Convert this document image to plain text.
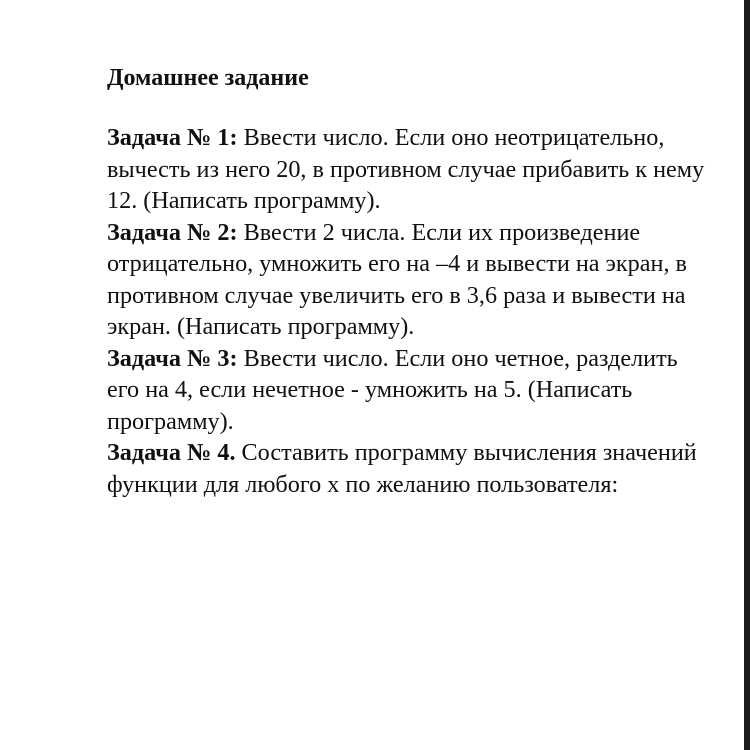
Домашнее задание

Задача № 1: Ввести число. Если оно неотрицательно, вычесть из него 20, в противном случае прибавить к нему 12. (Написать программу).

Задача № 2: Ввести 2 числа. Если их произведение отрицательно, умножить его на –4 и вывести на экран, в противном случае увеличить его в 3,6 раза и вывести на экран. (Написать программу).

Задача № 3: Ввести число. Если оно четное, разделить его на 4, если нечетное - умножить на 5. (Написать программу).

Задача № 4. Составить программу вычисления значений функции для любого x по желанию пользователя:
